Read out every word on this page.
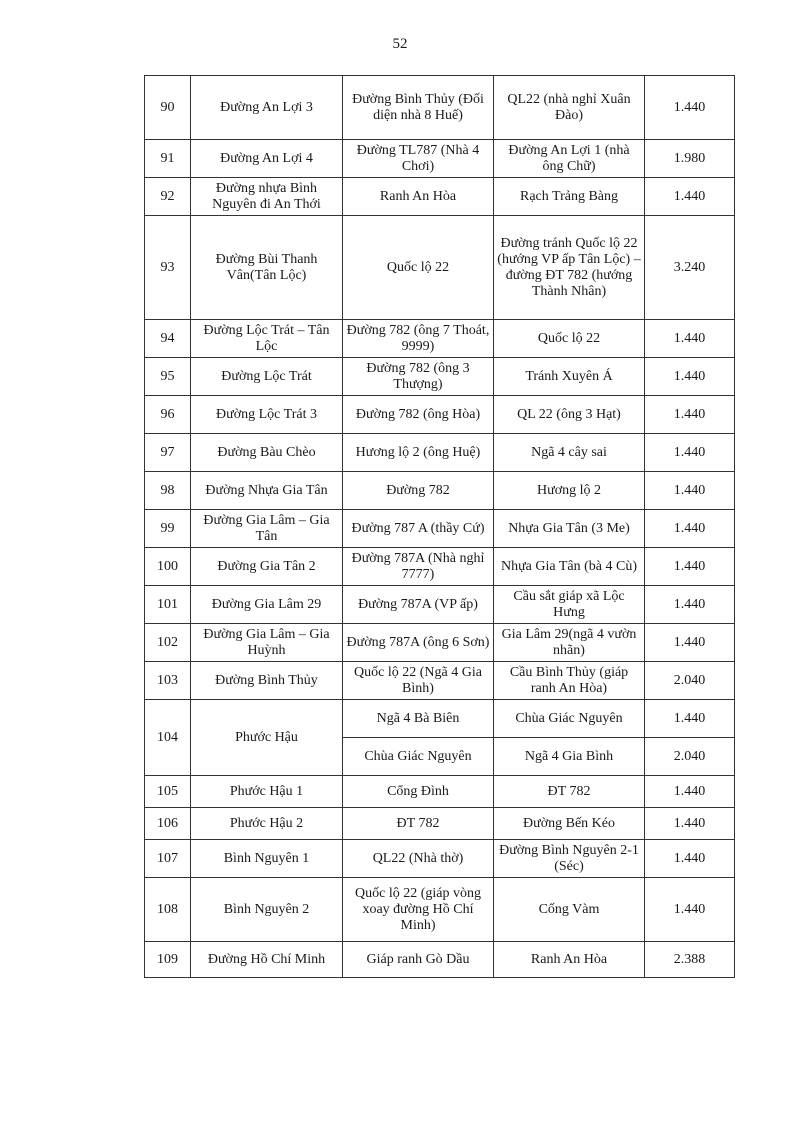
52
90	Đường An Lợi 3	Đường Bình Thủy (Đối diện nhà 8 Huế)	QL22 (nhà nghỉ Xuân Đào)	1.440
91	Đường An Lợi 4	Đường TL787 (Nhà 4 Chơi)	Đường An Lợi 1 (nhà ông Chữ)	1.980
92	Đường nhựa Bình Nguyên đi An Thới	Ranh An Hòa	Rạch Trảng Bàng	1.440
93	Đường Bùi Thanh Vân(Tân Lộc)	Quốc lộ 22	Đường tránh Quốc lộ 22 (hướng VP ấp Tân Lộc) – đường ĐT 782 (hướng Thành Nhân)	3.240
94	Đường Lộc Trát – Tân Lộc	Đường 782 (ông 7 Thoát, 9999)	Quốc lộ 22	1.440
95	Đường Lộc Trát	Đường 782 (ông 3 Thượng)	Tránh Xuyên Á	1.440
96	Đường Lộc Trát 3	Đường 782 (ông Hòa)	QL 22 (ông 3 Hạt)	1.440
97	Đường Bàu Chèo	Hương lộ 2 (ông Huệ)	Ngã 4 cây sai	1.440
98	Đường Nhựa Gia Tân	Đường 782	Hương lộ 2	1.440
99	Đường Gia Lâm – Gia Tân	Đường 787 A (thầy Cứ)	Nhựa Gia Tân (3 Me)	1.440
100	Đường Gia Tân 2	Đường 787A (Nhà nghỉ 7777)	Nhựa Gia Tân (bà 4 Cù)	1.440
101	Đường Gia Lâm 29	Đường 787A (VP ấp)	Cầu sắt giáp xã Lộc Hưng	1.440
102	Đường Gia Lâm – Gia Huỳnh	Đường 787A (ông 6 Sơn)	Gia Lâm 29(ngã 4 vườn nhãn)	1.440
103	Đường Bình Thủy	Quốc lộ 22 (Ngã 4 Gia Bình)	Cầu Bình Thủy (giáp ranh An Hòa)	2.040
104	Phước Hậu	Ngã 4 Bà Biên	Chùa Giác Nguyên	1.440
		Chùa Giác Nguyên	Ngã 4 Gia Bình	2.040
105	Phước Hậu 1	Cổng Đình	ĐT 782	1.440
106	Phước Hậu 2	ĐT 782	Đường Bến Kéo	1.440
107	Bình Nguyên 1	QL22 (Nhà thờ)	Đường Bình Nguyên 2-1 (Séc)	1.440
108	Bình Nguyên 2	Quốc lộ 22 (giáp vòng xoay đường Hồ Chí Minh)	Cống Vàm	1.440
109	Đường Hồ Chí Minh	Giáp ranh Gò Dầu	Ranh An Hòa	2.388
